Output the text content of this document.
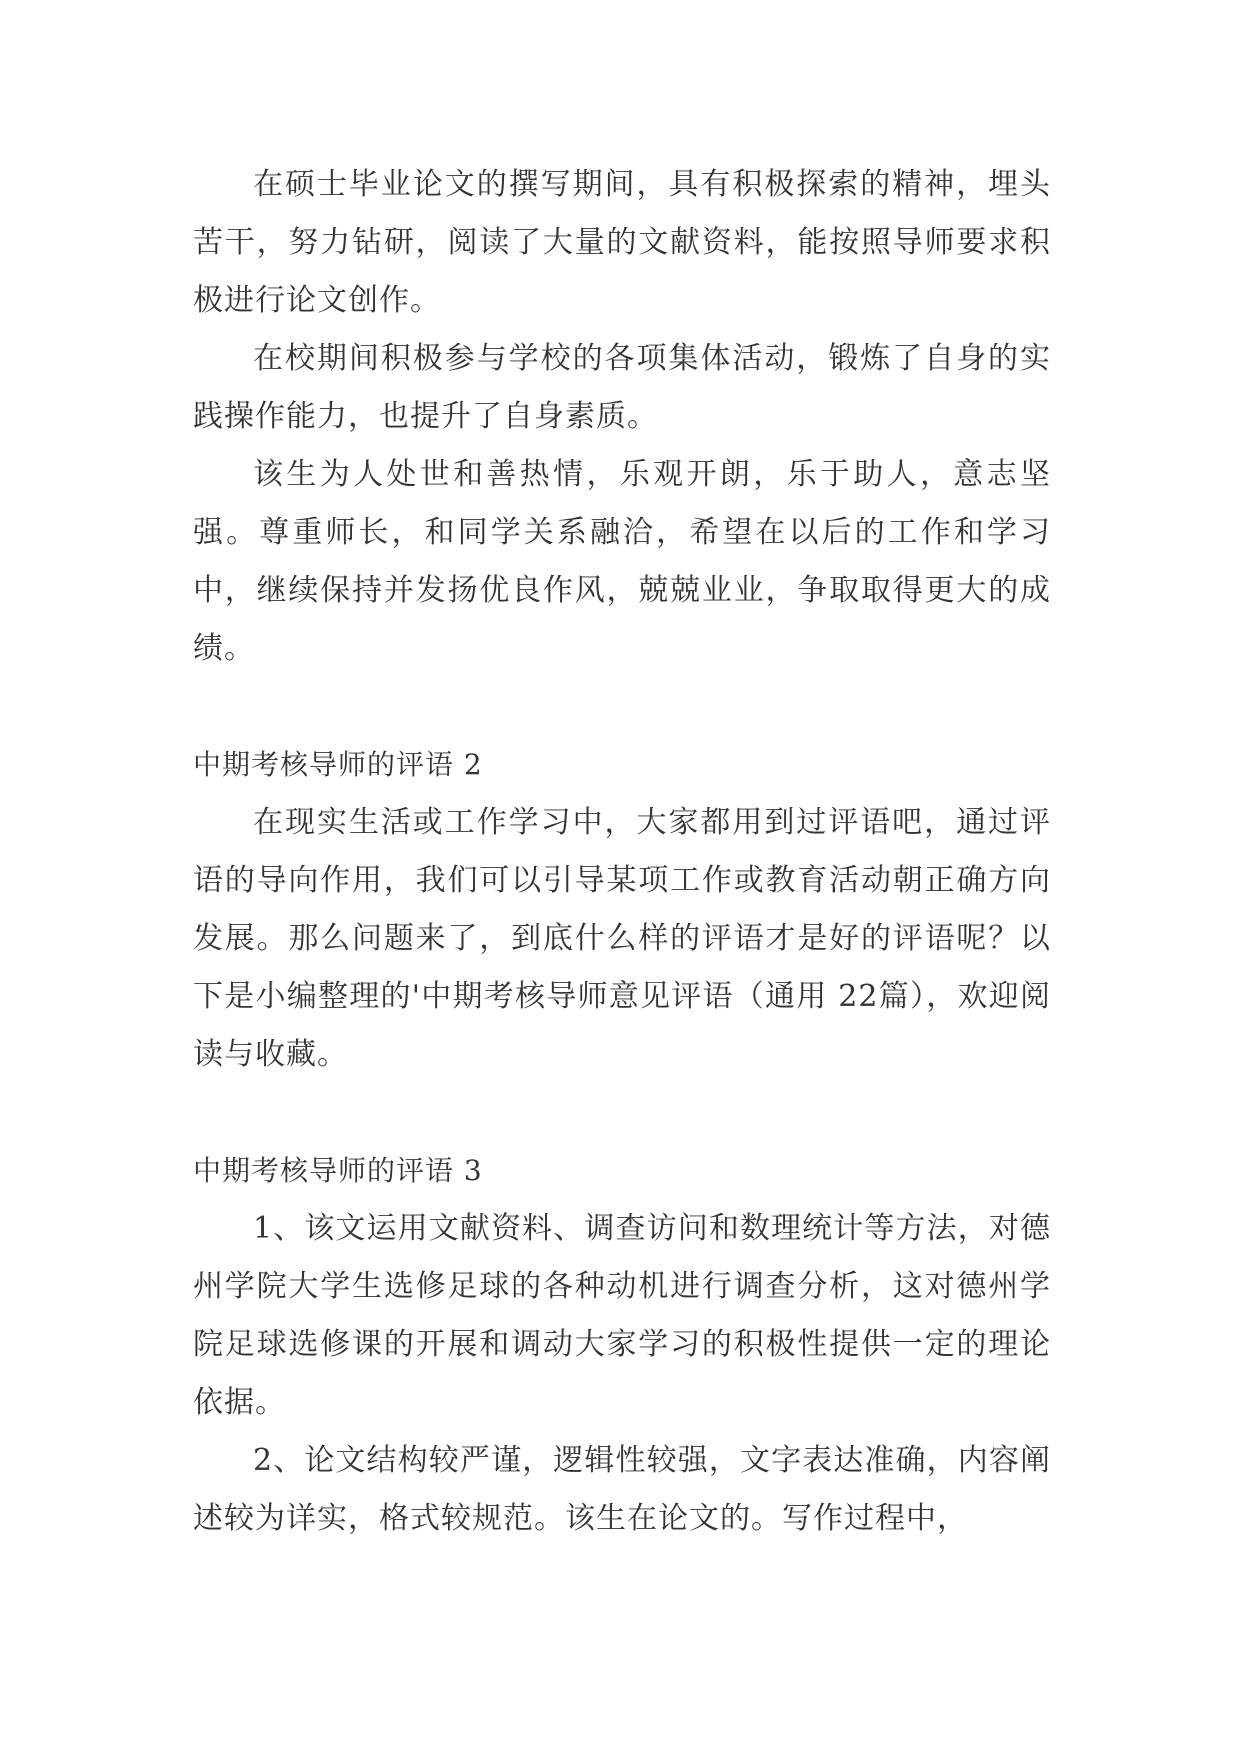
在硕士毕业论文的撰写期间，具有积极探索的精神，埋头苦干，努力钻研，阅读了大量的文献资料，能按照导师要求积极进行论文创作。

在校期间积极参与学校的各项集体活动，锻炼了自身的实践操作能力，也提升了自身素质。

该生为人处世和善热情，乐观开朗，乐于助人，意志坚强。尊重师长，和同学关系融洽，希望在以后的工作和学习中，继续保持并发扬优良作风，兢兢业业，争取取得更大的成绩。

中期考核导师的评语 2

在现实生活或工作学习中，大家都用到过评语吧，通过评语的导向作用，我们可以引导某项工作或教育活动朝正确方向发展。那么问题来了，到底什么样的评语才是好的评语呢？以下是小编整理的'中期考核导师意见评语（通用 22篇），欢迎阅读与收藏。

中期考核导师的评语 3

1、该文运用文献资料、调查访问和数理统计等方法，对德州学院大学生选修足球的各种动机进行调查分析，这对德州学院足球选修课的开展和调动大家学习的积极性提供一定的理论依据。

2、论文结构较严谨，逻辑性较强，文字表达准确，内容阐述较为详实，格式较规范。该生在论文的。写作过程中，
